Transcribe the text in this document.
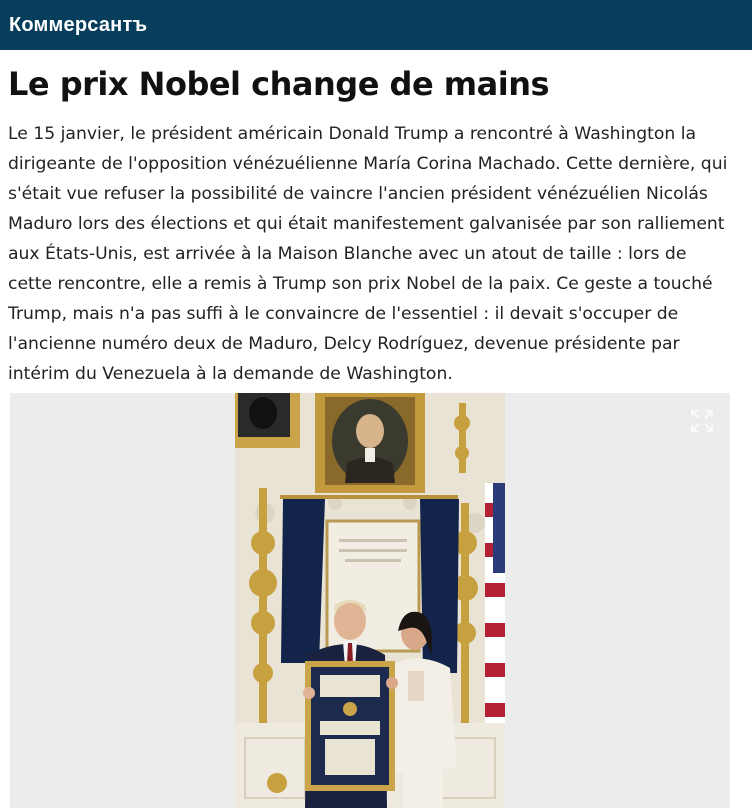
Коммерсантъ
Le prix Nobel change de mains

Le 15 janvier, le président américain Donald Trump a rencontré à Washington la dirigeante de l'opposition vénézuélienne María Corina Machado. Cette dernière, qui s'était vue refuser la possibilité de vaincre l'ancien président vénézuélien Nicolás Maduro lors des élections et qui était manifestement galvanisée par son ralliement aux États-Unis, est arrivée à la Maison Blanche avec un atout de taille : lors de cette rencontre, elle a remis à Trump son prix Nobel de la paix. Ce geste a touché Trump, mais n'a pas suffi à le convaincre de l'essentiel : il devait s'occuper de l'ancienne numéro deux de Maduro, Delcy Rodríguez, devenue présidente par intérim du Venezuela à la demande de Washington.
